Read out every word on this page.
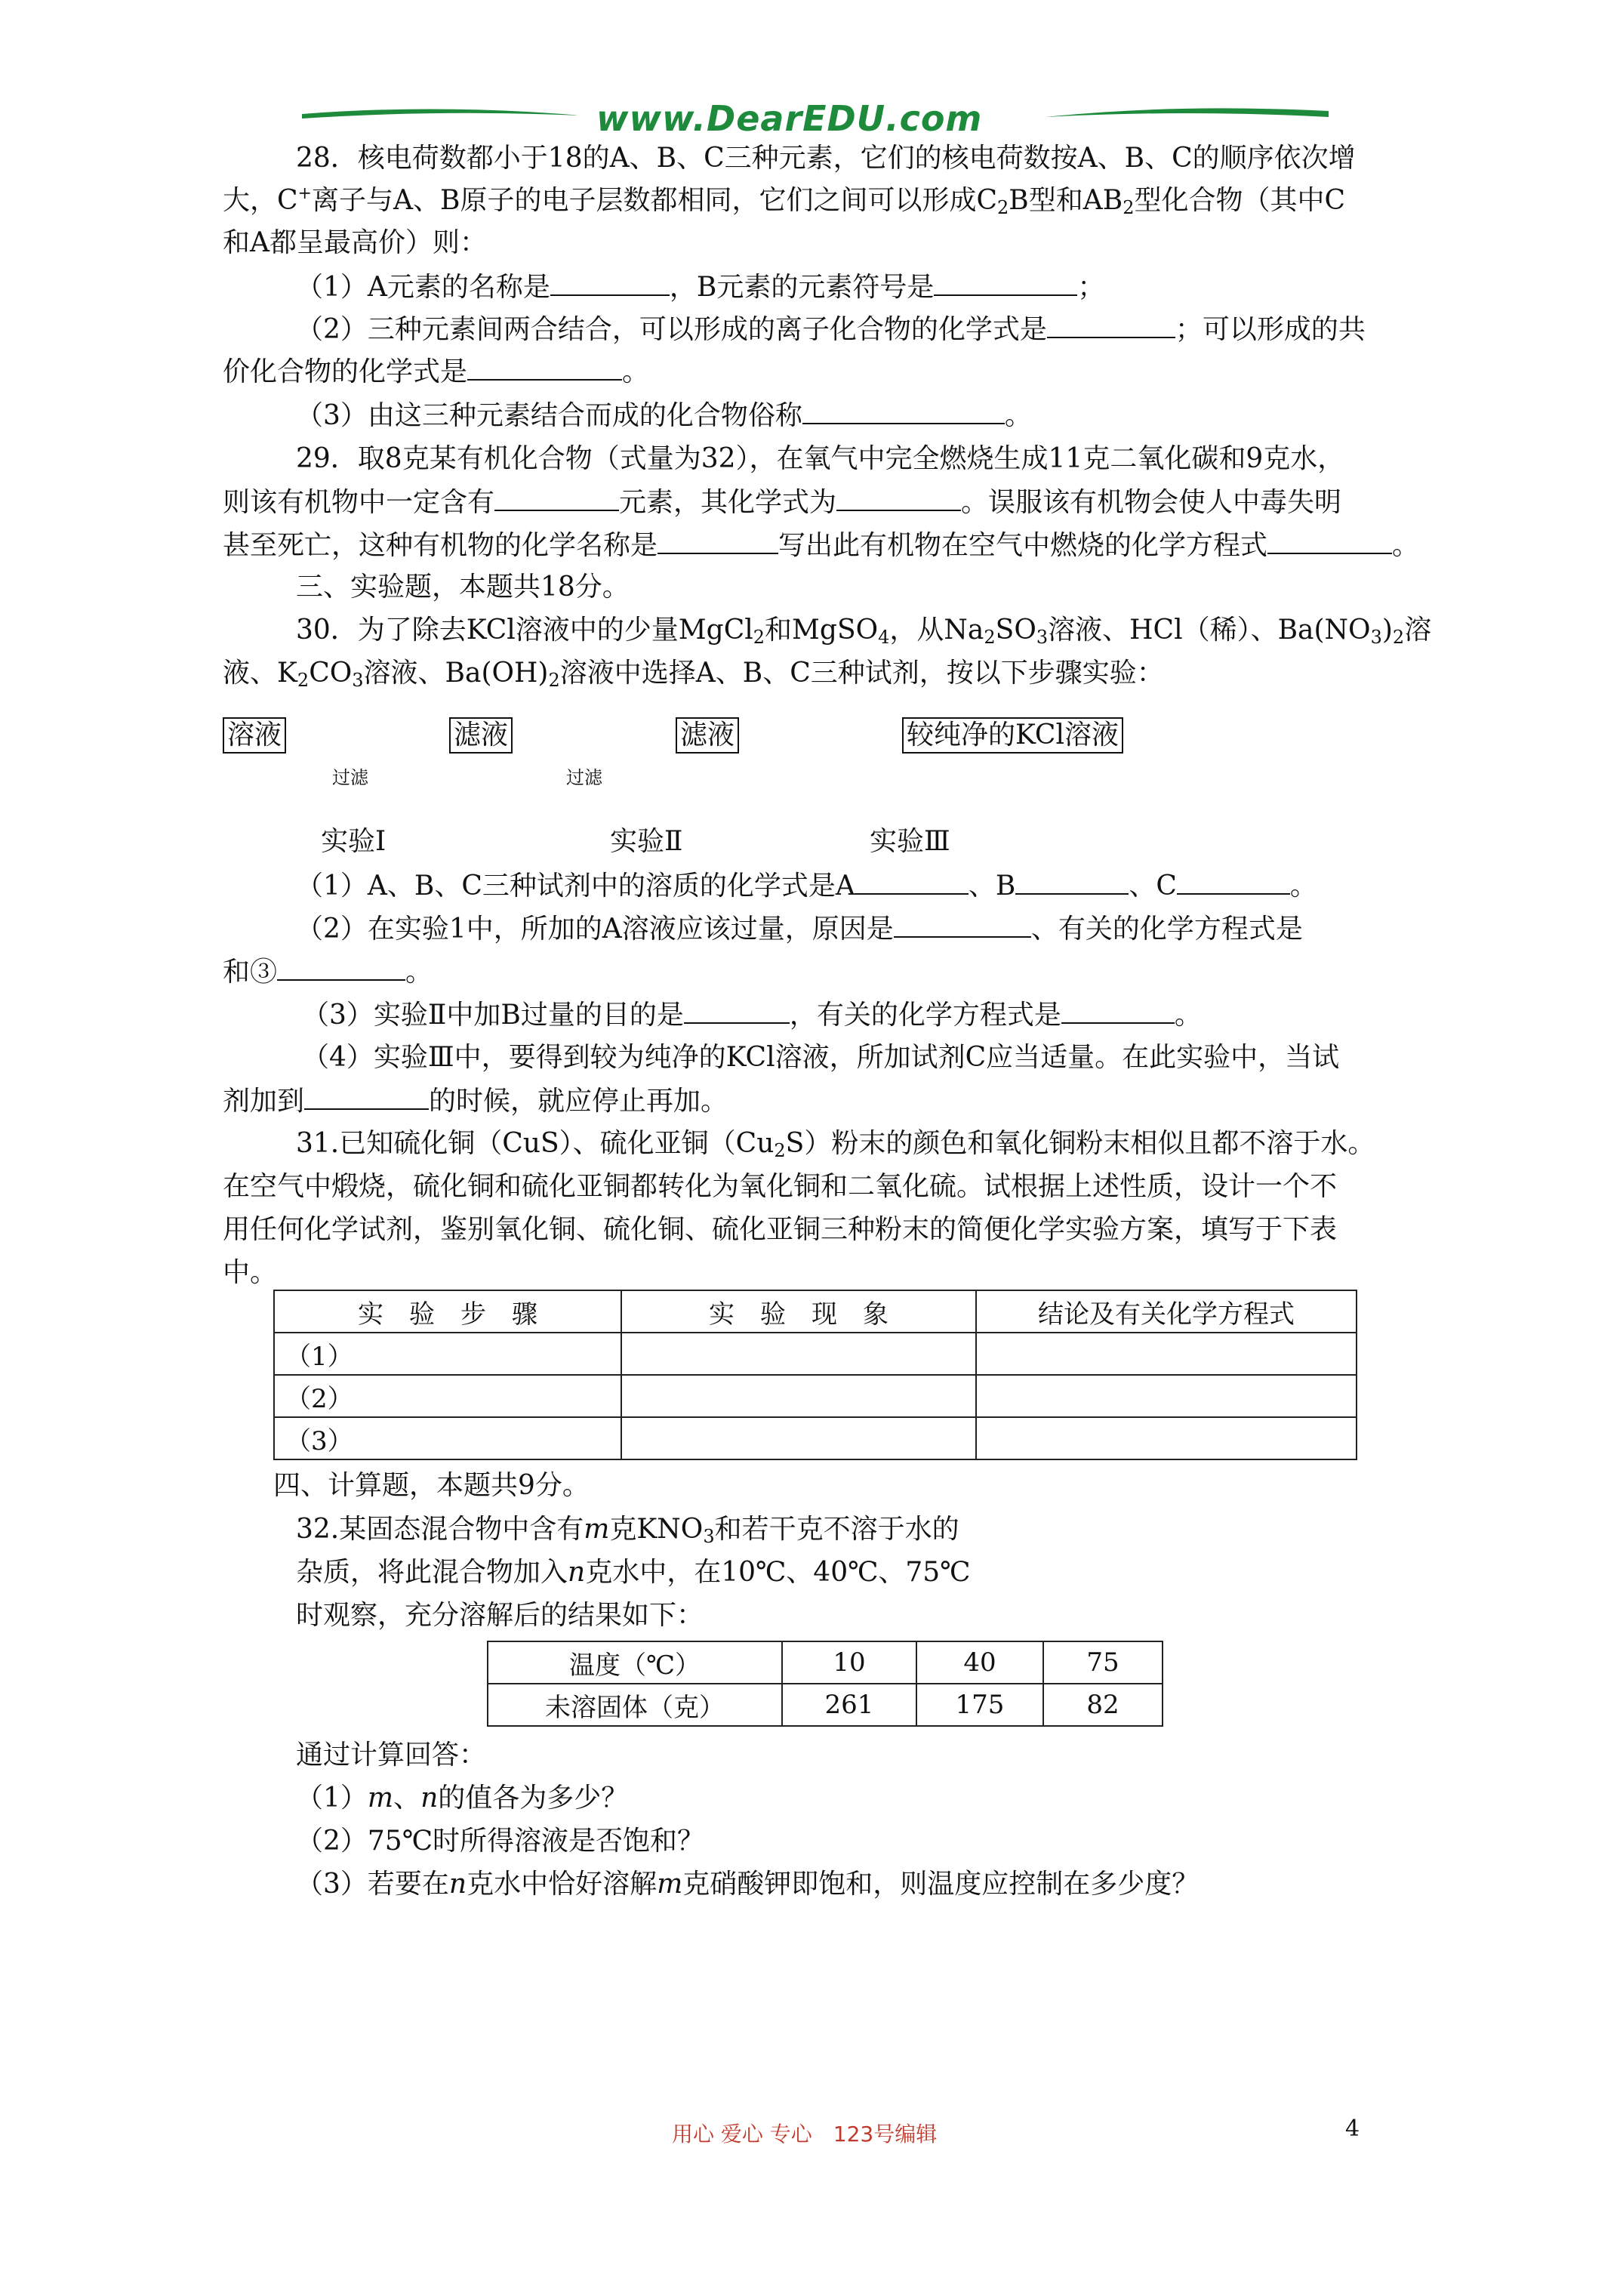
www.DearEDU.com
28．核电荷数都小于18的A、B、C三种元素，它们的核电荷数按A、B、C的顺序依次增
大，C+离子与A、B原子的电子层数都相同，它们之间可以形成$C_2B$型和$AB_2$型化合物（其中C
和A都呈最高价）则：
（1）A元素的名称是	，B元素的元素符号是	；
（2）三种元素间两合结合，可以形成的离子化合物的化学式是	；可以形成的共
价化合物的化学式是	。
（3）由这三种元素结合而成的化合物俗称	。
29．取8克某有机化合物（式量为32），在氧气中完全燃烧生成11克二氧化碳和9克水，
则该有机物中一定含有	元素，其化学式为	。误服该有机物会使人中毒失明
甚至死亡，这种有机物的化学名称是	写出此有机物在空气中燃烧的化学方程式	。
三、实验题，本题共18分。
30．为了除去KCl溶液中的少量MgCl$_2$和MgSO$_4$，从$Na_2SO_3$溶液、HCl（稀）、$Ba(NO_3)_2$溶
液、$K_2CO_3$溶液、$Ba(OH)_2$溶液中选择A、B、C三种试剂，按以下步骤实验：
溶液	滤液	滤液	较纯净的KCl溶液
过滤	过滤
实验Ⅰ	实验Ⅱ	实验Ⅲ
（1）A、B、C三种试剂中的溶质的化学式是A	、B	、C	。
（2）在实验1中，所加的A溶液应该过量，原因是	、有关的化学方程式是
和③	。
（3）实验Ⅱ中加B过量的目的是	，有关的化学方程式是	。
（4）实验Ⅲ中，要得到较为纯净的KCl溶液，所加试剂C应当适量。在此实验中，当试
剂加到	的时候，就应停止再加。
31.已知硫化铜（CuS）、硫化亚铜$(Cu_2S)$粉末的颜色和氧化铜粉末相似且都不溶于水。
在空气中煅烧，硫化铜和硫化亚铜都转化为氧化铜和二氧化硫。试根据上述性质，设计一个不
用任何化学试剂，鉴别氧化铜、硫化铜、硫化亚铜三种粉末的简便化学实验方案，填写于下表
中。
实　验　步　骤	实　验　现　象	结论及有关化学方程式
（1）		
（2）		
（3）		
四、计算题，本题共9分。
32.某固态混合物中含有m克$KNO_3$和若干克不溶于水的
杂质，将此混合物加入n克水中，在10℃、40℃、75℃
时观察，充分溶解后的结果如下：
温度（℃）	10	40	75
未溶固体（克）	261	175	82
通过计算回答：
（1）m、n的值各为多少？
（2）75℃时所得溶液是否饱和？
（3）若要在n克水中恰好溶解m克硝酸钾即饱和，则温度应控制在多少度？
用心 爱心 专心　123号编辑	4
